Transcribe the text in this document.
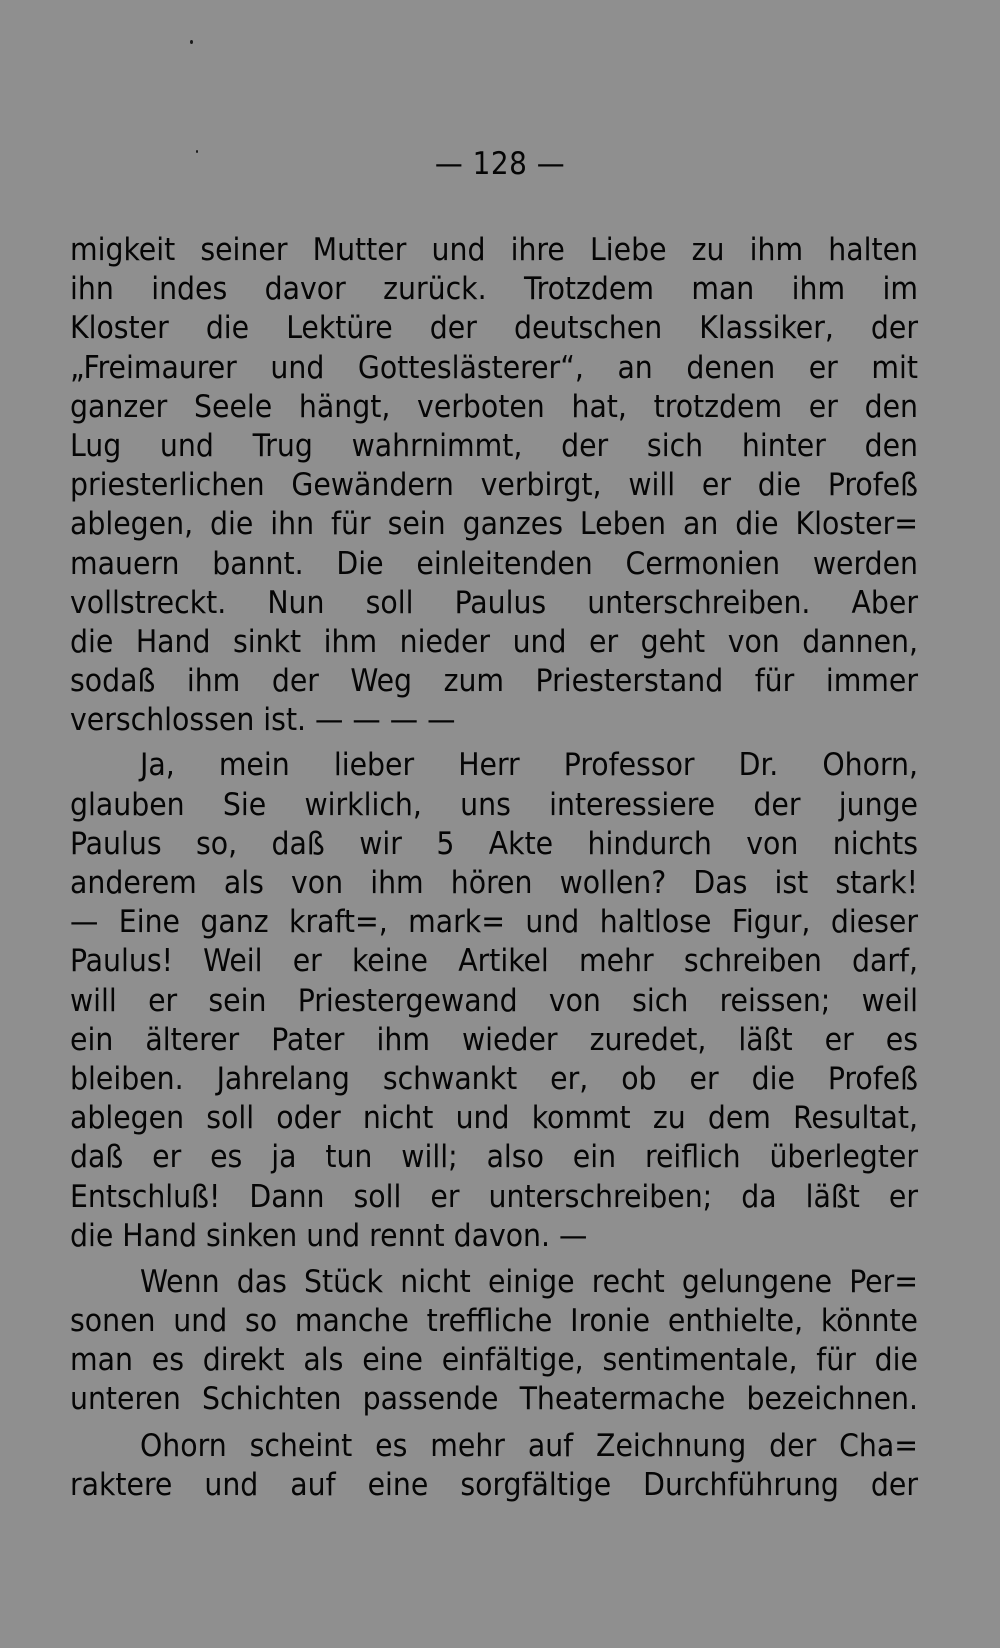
— 128 —
migkeit seiner Mutter und ihre Liebe zu ihm halten
ihn indes davor zurück. Trotzdem man ihm im
Kloster die Lektüre der deutschen Klassiker, der
„Freimaurer und Gotteslästerer“, an denen er mit
ganzer Seele hängt, verboten hat, trotzdem er den
Lug und Trug wahrnimmt, der sich hinter den
priesterlichen Gewändern verbirgt, will er die Profeß
ablegen, die ihn für sein ganzes Leben an die Kloster=
mauern bannt. Die einleitenden Cermonien werden
vollstreckt. Nun soll Paulus unterschreiben. Aber
die Hand sinkt ihm nieder und er geht von dannen,
sodaß ihm der Weg zum Priesterstand für immer
verschlossen ist. — — — —
Ja, mein lieber Herr Professor Dr. Ohorn,
glauben Sie wirklich, uns interessiere der junge
Paulus so, daß wir 5 Akte hindurch von nichts
anderem als von ihm hören wollen? Das ist stark!
— Eine ganz kraft=, mark= und haltlose Figur, dieser
Paulus! Weil er keine Artikel mehr schreiben darf,
will er sein Priestergewand von sich reissen; weil
ein älterer Pater ihm wieder zuredet, läßt er es
bleiben. Jahrelang schwankt er, ob er die Profeß
ablegen soll oder nicht und kommt zu dem Resultat,
daß er es ja tun will; also ein reiflich überlegter
Entschluß! Dann soll er unterschreiben; da läßt er
die Hand sinken und rennt davon. —
Wenn das Stück nicht einige recht gelungene Per=
sonen und so manche treffliche Ironie enthielte, könnte
man es direkt als eine einfältige, sentimentale, für die
unteren Schichten passende Theatermache bezeichnen.
Ohorn scheint es mehr auf Zeichnung der Cha=
raktere und auf eine sorgfältige Durchführung der
